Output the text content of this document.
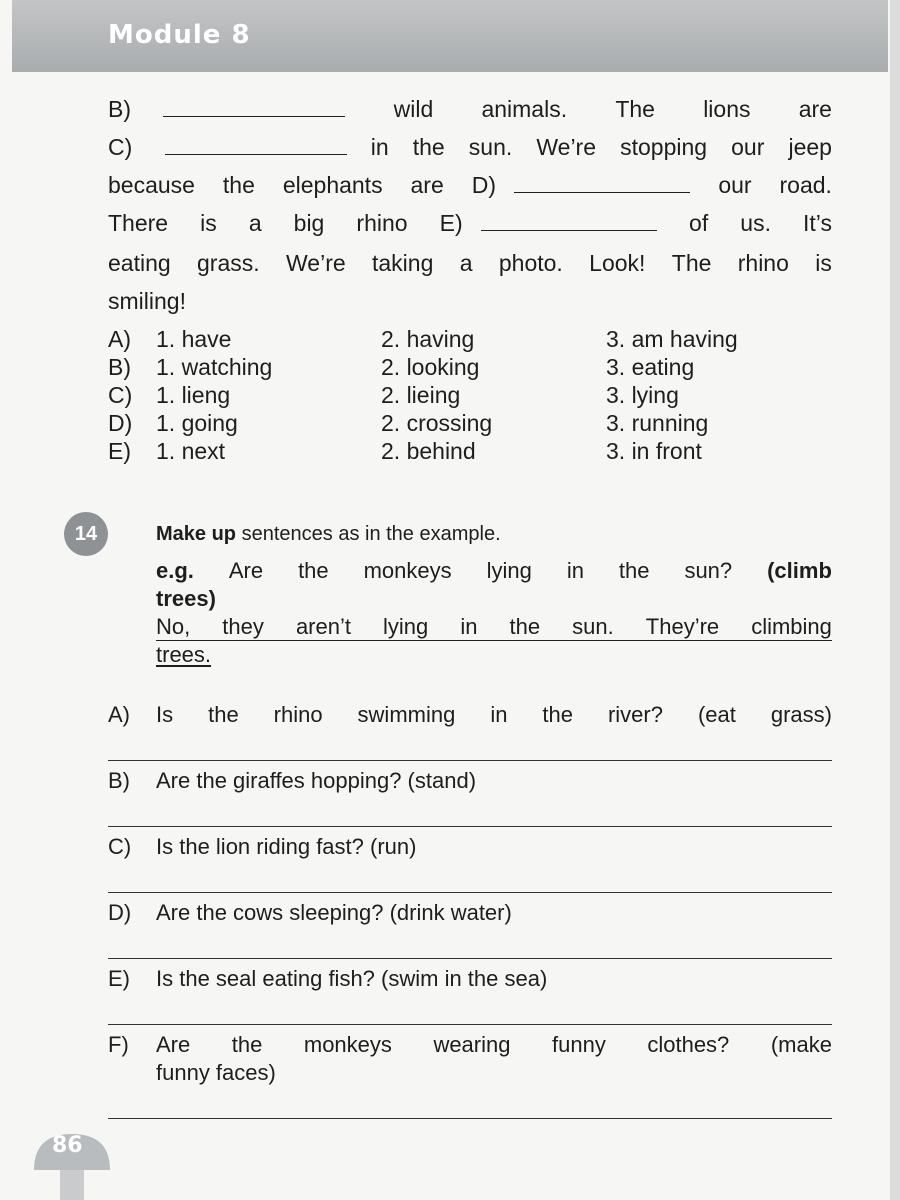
Module 8
B)	wild animals. The lions are
C)	in the sun. We’re stopping our jeep
because the elephants are D)	our road.
There is a big rhino E)	of us. It’s
eating grass. We’re taking a photo. Look! The rhino is
smiling!
A) 1. have	2. having	3. am having
B) 1. watching	2. looking	3. eating
C) 1. lieng	2. lieing	3. lying
D) 1. going	2. crossing	3. running
E) 1. next	2. behind	3. in front
14	Make up sentences as in the example.
e.g. Are the monkeys lying in the sun? (climb
trees)
No, they aren’t lying in the sun. They’re climbing
trees.
A) Is the rhino swimming in the river? (eat grass)
B) Are the giraffes hopping? (stand)
C) Is the lion riding fast? (run)
D) Are the cows sleeping? (drink water)
E) Is the seal eating fish? (swim in the sea)
F) Are the monkeys wearing funny clothes? (make
funny faces)
86
